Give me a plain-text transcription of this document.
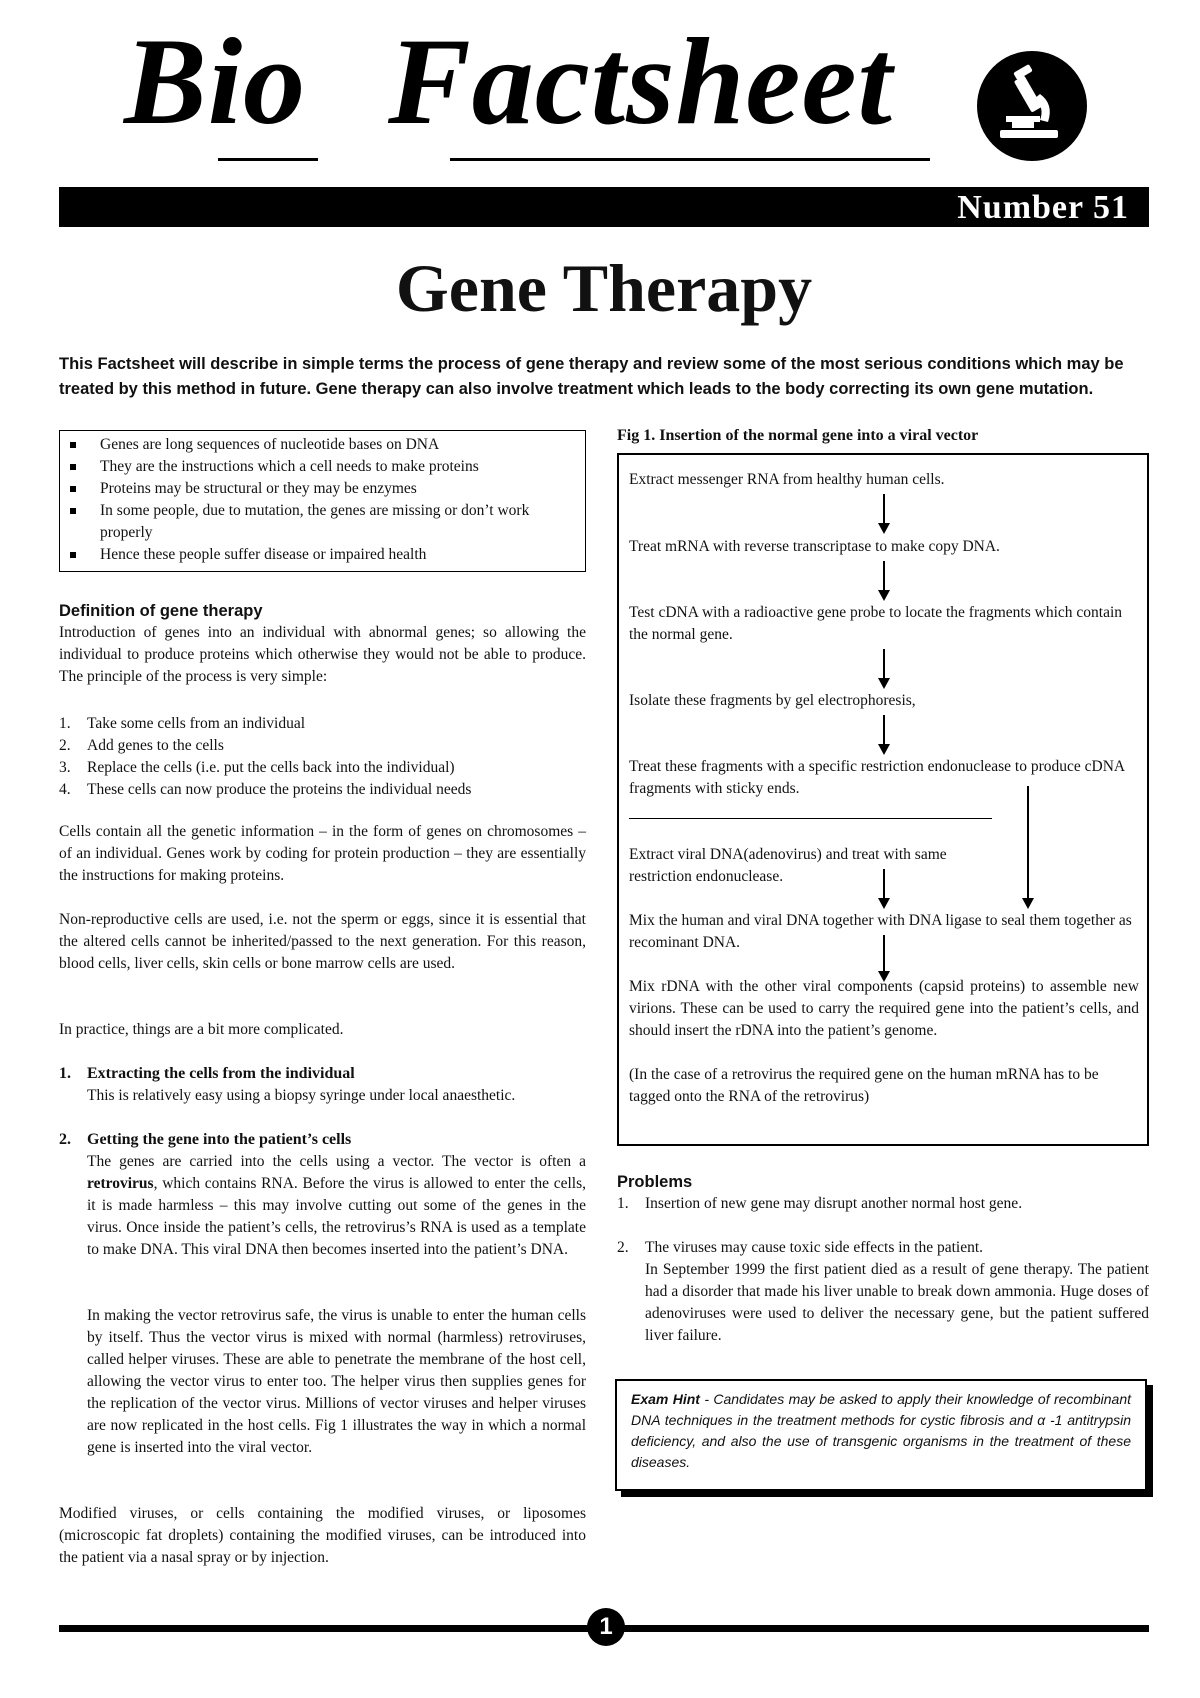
Bio Factsheet
Number 51
Gene Therapy
This Factsheet will describe in simple terms the process of gene therapy and review some of the most serious conditions which may be treated by this method in future. Gene therapy can also involve treatment which leads to the body correcting its own gene mutation.
Genes are long sequences of nucleotide bases on DNA
They are the instructions which a cell needs to make proteins
Proteins may be structural or they may be enzymes
In some people, due to mutation, the genes are missing or don’t work properly
Hence these people suffer disease or impaired health
Definition of gene therapy
Introduction of genes into an individual with abnormal genes; so allowing the individual to produce proteins which otherwise they would not be able to produce. The principle of the process is very simple:
1. Take some cells from an individual
2. Add genes to the cells
3. Replace the cells (i.e. put the cells back into the individual)
4. These cells can now produce the proteins the individual needs
Cells contain all the genetic information – in the form of genes on chromosomes – of an individual. Genes work by coding for protein production – they are essentially the instructions for making proteins.
Non-reproductive cells are used, i.e. not the sperm or eggs, since it is essential that the altered cells cannot be inherited/passed to the next generation. For this reason, blood cells, liver cells, skin cells or bone marrow cells are used.
In practice, things are a bit more complicated.
1. Extracting the cells from the individual
This is relatively easy using a biopsy syringe under local anaesthetic.
2. Getting the gene into the patient’s cells
The genes are carried into the cells using a vector. The vector is often a retrovirus, which contains RNA. Before the virus is allowed to enter the cells, it is made harmless – this may involve cutting out some of the genes in the virus. Once inside the patient’s cells, the retrovirus’s RNA is used as a template to make DNA. This viral DNA then becomes inserted into the patient’s DNA.
In making the vector retrovirus safe, the virus is unable to enter the human cells by itself. Thus the vector virus is mixed with normal (harmless) retroviruses, called helper viruses. These are able to penetrate the membrane of the host cell, allowing the vector virus to enter too. The helper virus then supplies genes for the replication of the vector virus. Millions of vector viruses and helper viruses are now replicated in the host cells. Fig 1 illustrates the way in which a normal gene is inserted into the viral vector.
Modified viruses, or cells containing the modified viruses, or liposomes (microscopic fat droplets) containing the modified viruses, can be introduced into the patient via a nasal spray or by injection.
Fig 1. Insertion of the normal gene into a viral vector
Extract messenger RNA from healthy human cells.
Treat mRNA with reverse transcriptase to make copy DNA.
Test cDNA with a radioactive gene probe to locate the fragments which contain the normal gene.
Isolate these fragments by gel electrophoresis,
Treat these fragments with a specific restriction endonuclease to produce cDNA fragments with sticky ends.
Extract viral DNA(adenovirus) and treat with same restriction endonuclease.
Mix the human and viral DNA together with DNA ligase to seal them together as recominant DNA.
Mix rDNA with the other viral components (capsid proteins) to assemble new virions. These can be used to carry the required gene into the patient’s cells, and should insert the rDNA into the patient’s genome.
(In the case of a retrovirus the required gene on the human mRNA has to be tagged onto the RNA of the retrovirus)
Problems
1. Insertion of new gene may disrupt another normal host gene.
2. The viruses may cause toxic side effects in the patient.
In September 1999 the first patient died as a result of gene therapy. The patient had a disorder that made his liver unable to break down ammonia. Huge doses of adenoviruses were used to deliver the necessary gene, but the patient suffered liver failure.
Exam Hint - Candidates may be asked to apply their knowledge of recombinant DNA techniques in the treatment methods for cystic fibrosis and α -1 antitrypsin deficiency, and also the use of transgenic organisms in the treatment of these diseases.
1
